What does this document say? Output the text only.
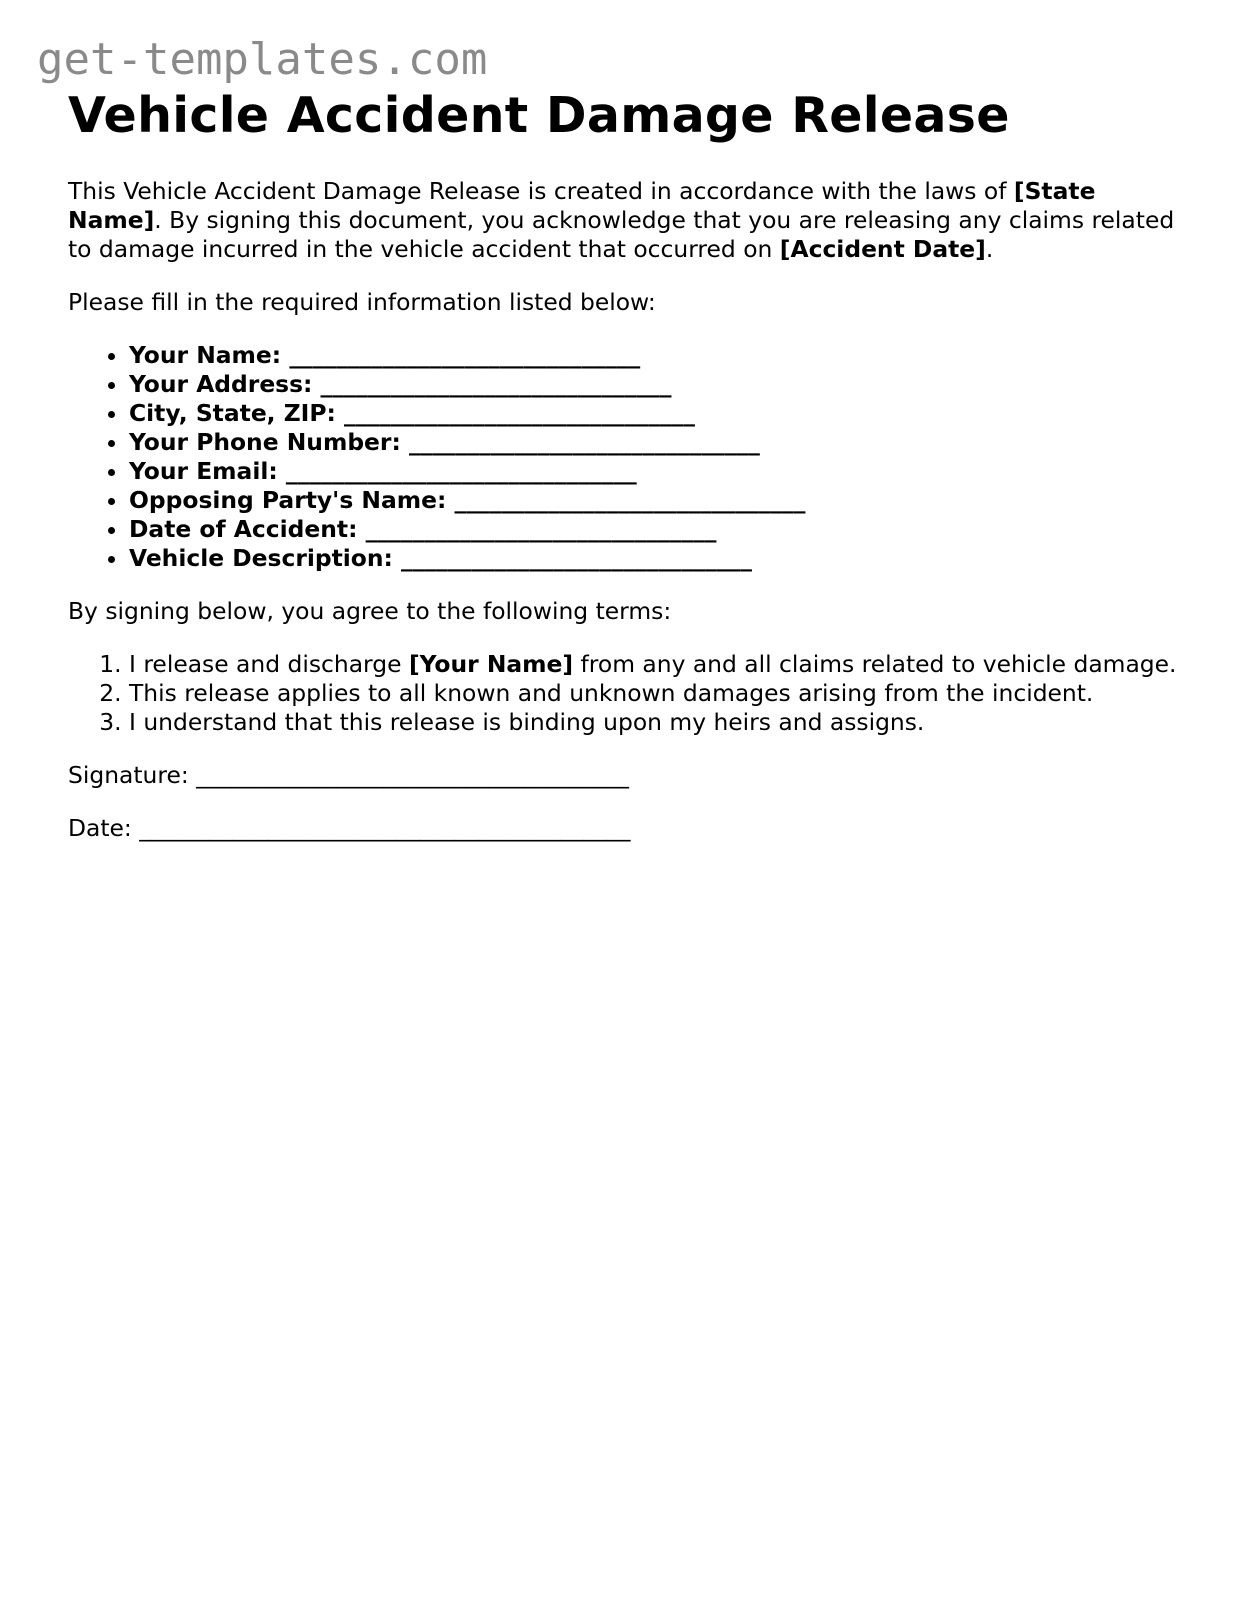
get-templates.com
Vehicle Accident Damage Release

This Vehicle Accident Damage Release is created in accordance with the laws of [State Name]. By signing this document, you acknowledge that you are releasing any claims related to damage incurred in the vehicle accident that occurred on [Accident Date].

Please fill in the required information listed below:

• Your Name: ______________________________
• Your Address: ______________________________
• City, State, ZIP: ______________________________
• Your Phone Number: ______________________________
• Your Email: ______________________________
• Opposing Party's Name: ______________________________
• Date of Accident: ______________________________
• Vehicle Description: ______________________________

By signing below, you agree to the following terms:

1. I release and discharge [Your Name] from any and all claims related to vehicle damage.
2. This release applies to all known and unknown damages arising from the incident.
3. I understand that this release is binding upon my heirs and assigns.

Signature: _____________________________________

Date: __________________________________________
